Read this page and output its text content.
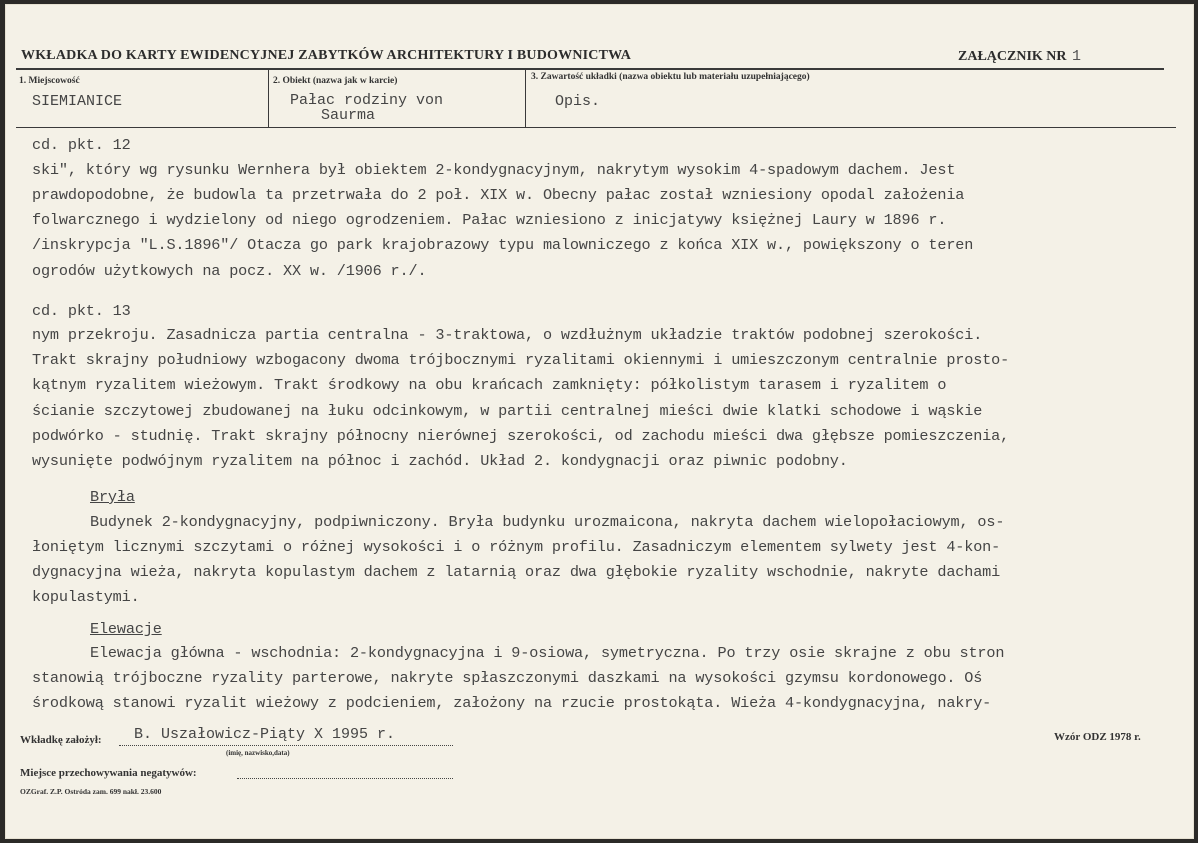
WKŁADKA DO KARTY EWIDENCYJNEJ ZABYTKÓW ARCHITEKTURY I BUDOWNICTWA	ZAŁĄCZNIK NR 1
1. Miejscowość
SIEMIANICE
2. Obiekt (nazwa jak w karcie)
Pałac rodziny von
Saurma
3. Zawartość układki (nazwa obiektu lub materiału uzupełniającego)
Opis.
cd. pkt. 12
ski", który wg rysunku Wernhera był obiektem 2-kondygnacyjnym, nakrytym wysokim 4-spadowym dachem. Jest
prawdopodobne, że budowla ta przetrwała do 2 poł. XIX w. Obecny pałac został wzniesiony opodal założenia
folwarcznego i wydzielony od niego ogrodzeniem. Pałac wzniesiono z inicjatywy księżnej Laury w 1896 r.
/inskrypcja "L.S.1896"/ Otacza go park krajobrazowy typu malowniczego z końca XIX w., powiększony o teren
ogrodów użytkowych na pocz. XX w. /1906 r./.
cd. pkt. 13
nym przekroju. Zasadnicza partia centralna - 3-traktowa, o wzdłużnym układzie traktów podobnej szerokości.
Trakt skrajny południowy wzbogacony dwoma trójbocznymi ryzalitami okiennymi i umieszczonym centralnie prosto-
kątnym ryzalitem wieżowym. Trakt środkowy na obu krańcach zamknięty: półkolistym tarasem i ryzalitem o
ścianie szczytowej zbudowanej na łuku odcinkowym, w partii centralnej mieści dwie klatki schodowe i wąskie
podwórko - studnię. Trakt skrajny północny nierównej szerokości, od zachodu mieści dwa głębsze pomieszczenia,
wysunięte podwójnym ryzalitem na północ i zachód. Układ 2. kondygnacji oraz piwnic podobny.
Bryła
Budynek 2-kondygnacyjny, podpiwniczony. Bryła budynku urozmaicona, nakryta dachem wielopołaciowym, os-
łoniętym licznymi szczytami o różnej wysokości i o różnym profilu. Zasadniczym elementem sylwety jest 4-kon-
dygnacyjna wieża, nakryta kopulastym dachem z latarnią oraz dwa głębokie ryzality wschodnie, nakryte dachami
kopulastymi.
Elewacje
Elewacja główna - wschodnia: 2-kondygnacyjna i 9-osiowa, symetryczna. Po trzy osie skrajne z obu stron
stanowią trójboczne ryzality parterowe, nakryte spłaszczonymi daszkami na wysokości gzymsu kordonowego. Oś
środkową stanowi ryzalit wieżowy z podcieniem, założony na rzucie prostokąta. Wieża 4-kondygnacyjna, nakry-
Wkładkę założył: B. Uszałowicz-Piąty X 1995 r.
(imię, nazwisko,data)
Wzór ODZ 1978 r.
Miejsce przechowywania negatywów:
OZGraf. Z.P. Ostróda zam. 699 nakł. 23.600
